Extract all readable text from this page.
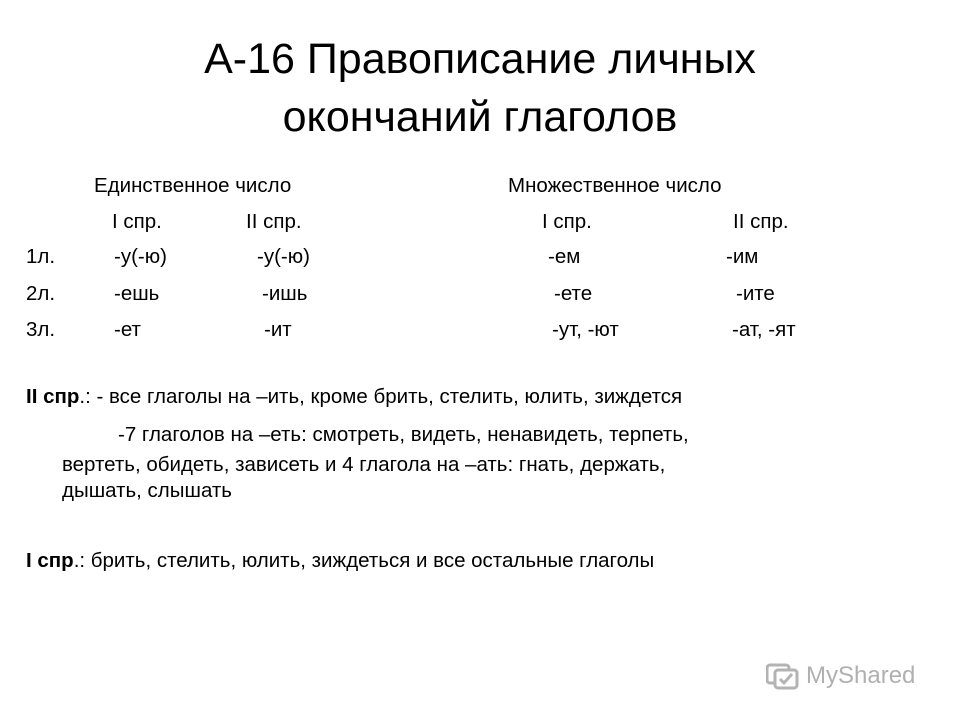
А-16 Правописание личных
окончаний глаголов
Единственное число	Множественное число
I спр.	II спр.	I спр.	II спр.
1л.	-у(-ю)	-у(-ю)	-ем	-им
2л.	-ешь	-ишь	-ете	-ите
3л.	-ет	-ит	-ут, -ют	-ат, -ят
II спр.: - все глаголы на –ить, кроме брить, стелить, юлить, зиждется
-7 глаголов на –еть: смотреть, видеть, ненавидеть, терпеть,
вертеть, обидеть, зависеть и 4 глагола на –ать: гнать, держать,
дышать, слышать
I спр.: брить, стелить, юлить, зиждеться и все остальные глаголы
MyShared
